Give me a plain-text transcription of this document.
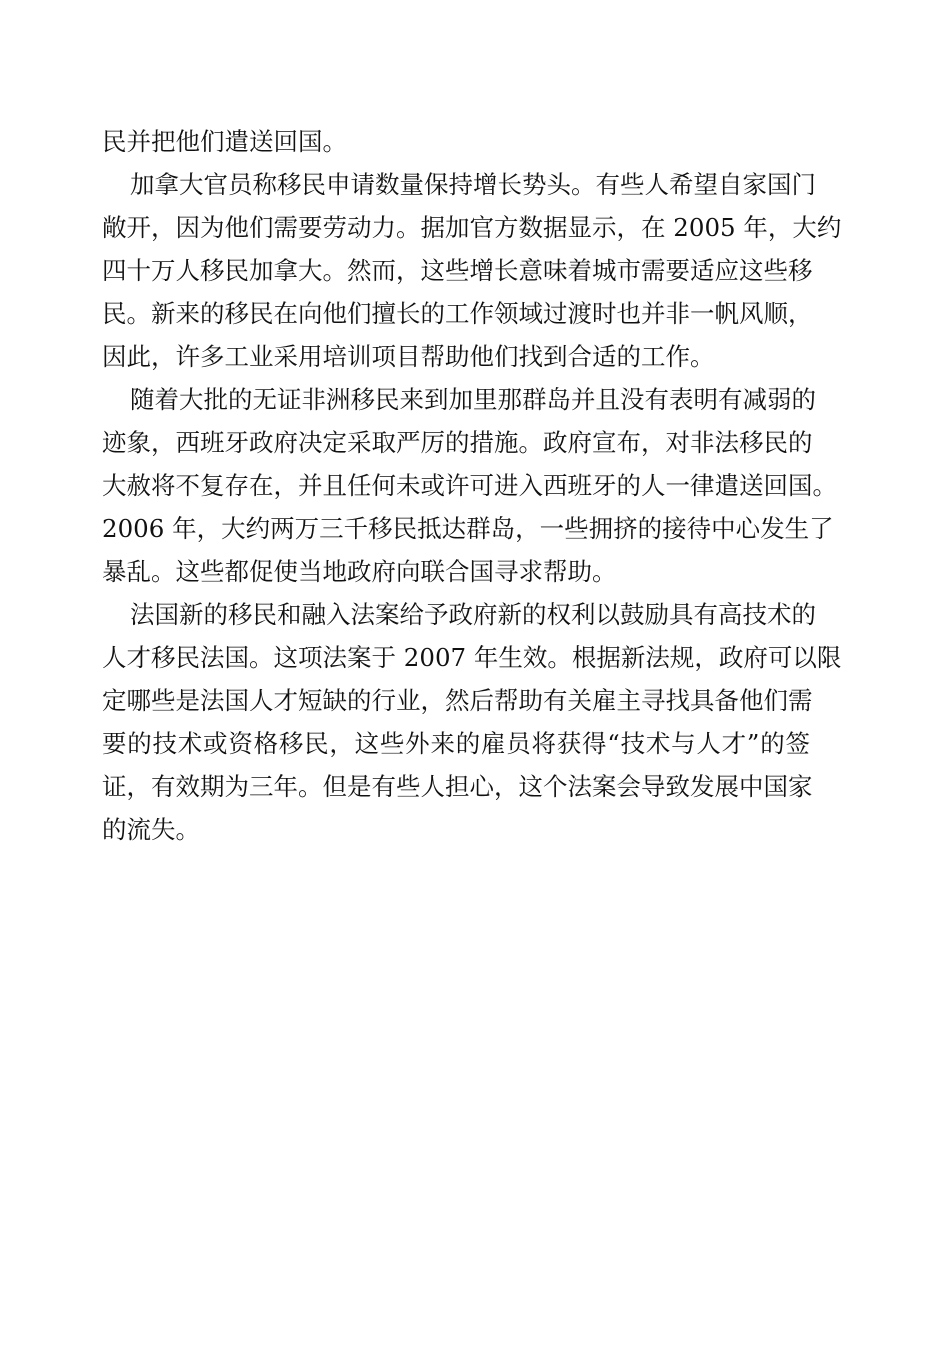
民并把他们遣送回国。
加拿大官员称移民申请数量保持增长势头。有些人希望自家国门
敞开，因为他们需要劳动力。据加官方数据显示，在 2005 年，大约
四十万人移民加拿大。然而，这些增长意味着城市需要适应这些移
民。新来的移民在向他们擅长的工作领域过渡时也并非一帆风顺，
因此，许多工业采用培训项目帮助他们找到合适的工作。
随着大批的无证非洲移民来到加里那群岛并且没有表明有减弱的
迹象，西班牙政府决定采取严厉的措施。政府宣布，对非法移民的
大赦将不复存在，并且任何未或许可进入西班牙的人一律遣送回国。
2006 年，大约两万三千移民抵达群岛，一些拥挤的接待中心发生了
暴乱。这些都促使当地政府向联合国寻求帮助。
法国新的移民和融入法案给予政府新的权利以鼓励具有高技术的
人才移民法国。这项法案于 2007 年生效。根据新法规，政府可以限
定哪些是法国人才短缺的行业，然后帮助有关雇主寻找具备他们需
要的技术或资格移民，这些外来的雇员将获得“技术与人才”的签
证，有效期为三年。但是有些人担心，这个法案会导致发展中国家
的流失。
